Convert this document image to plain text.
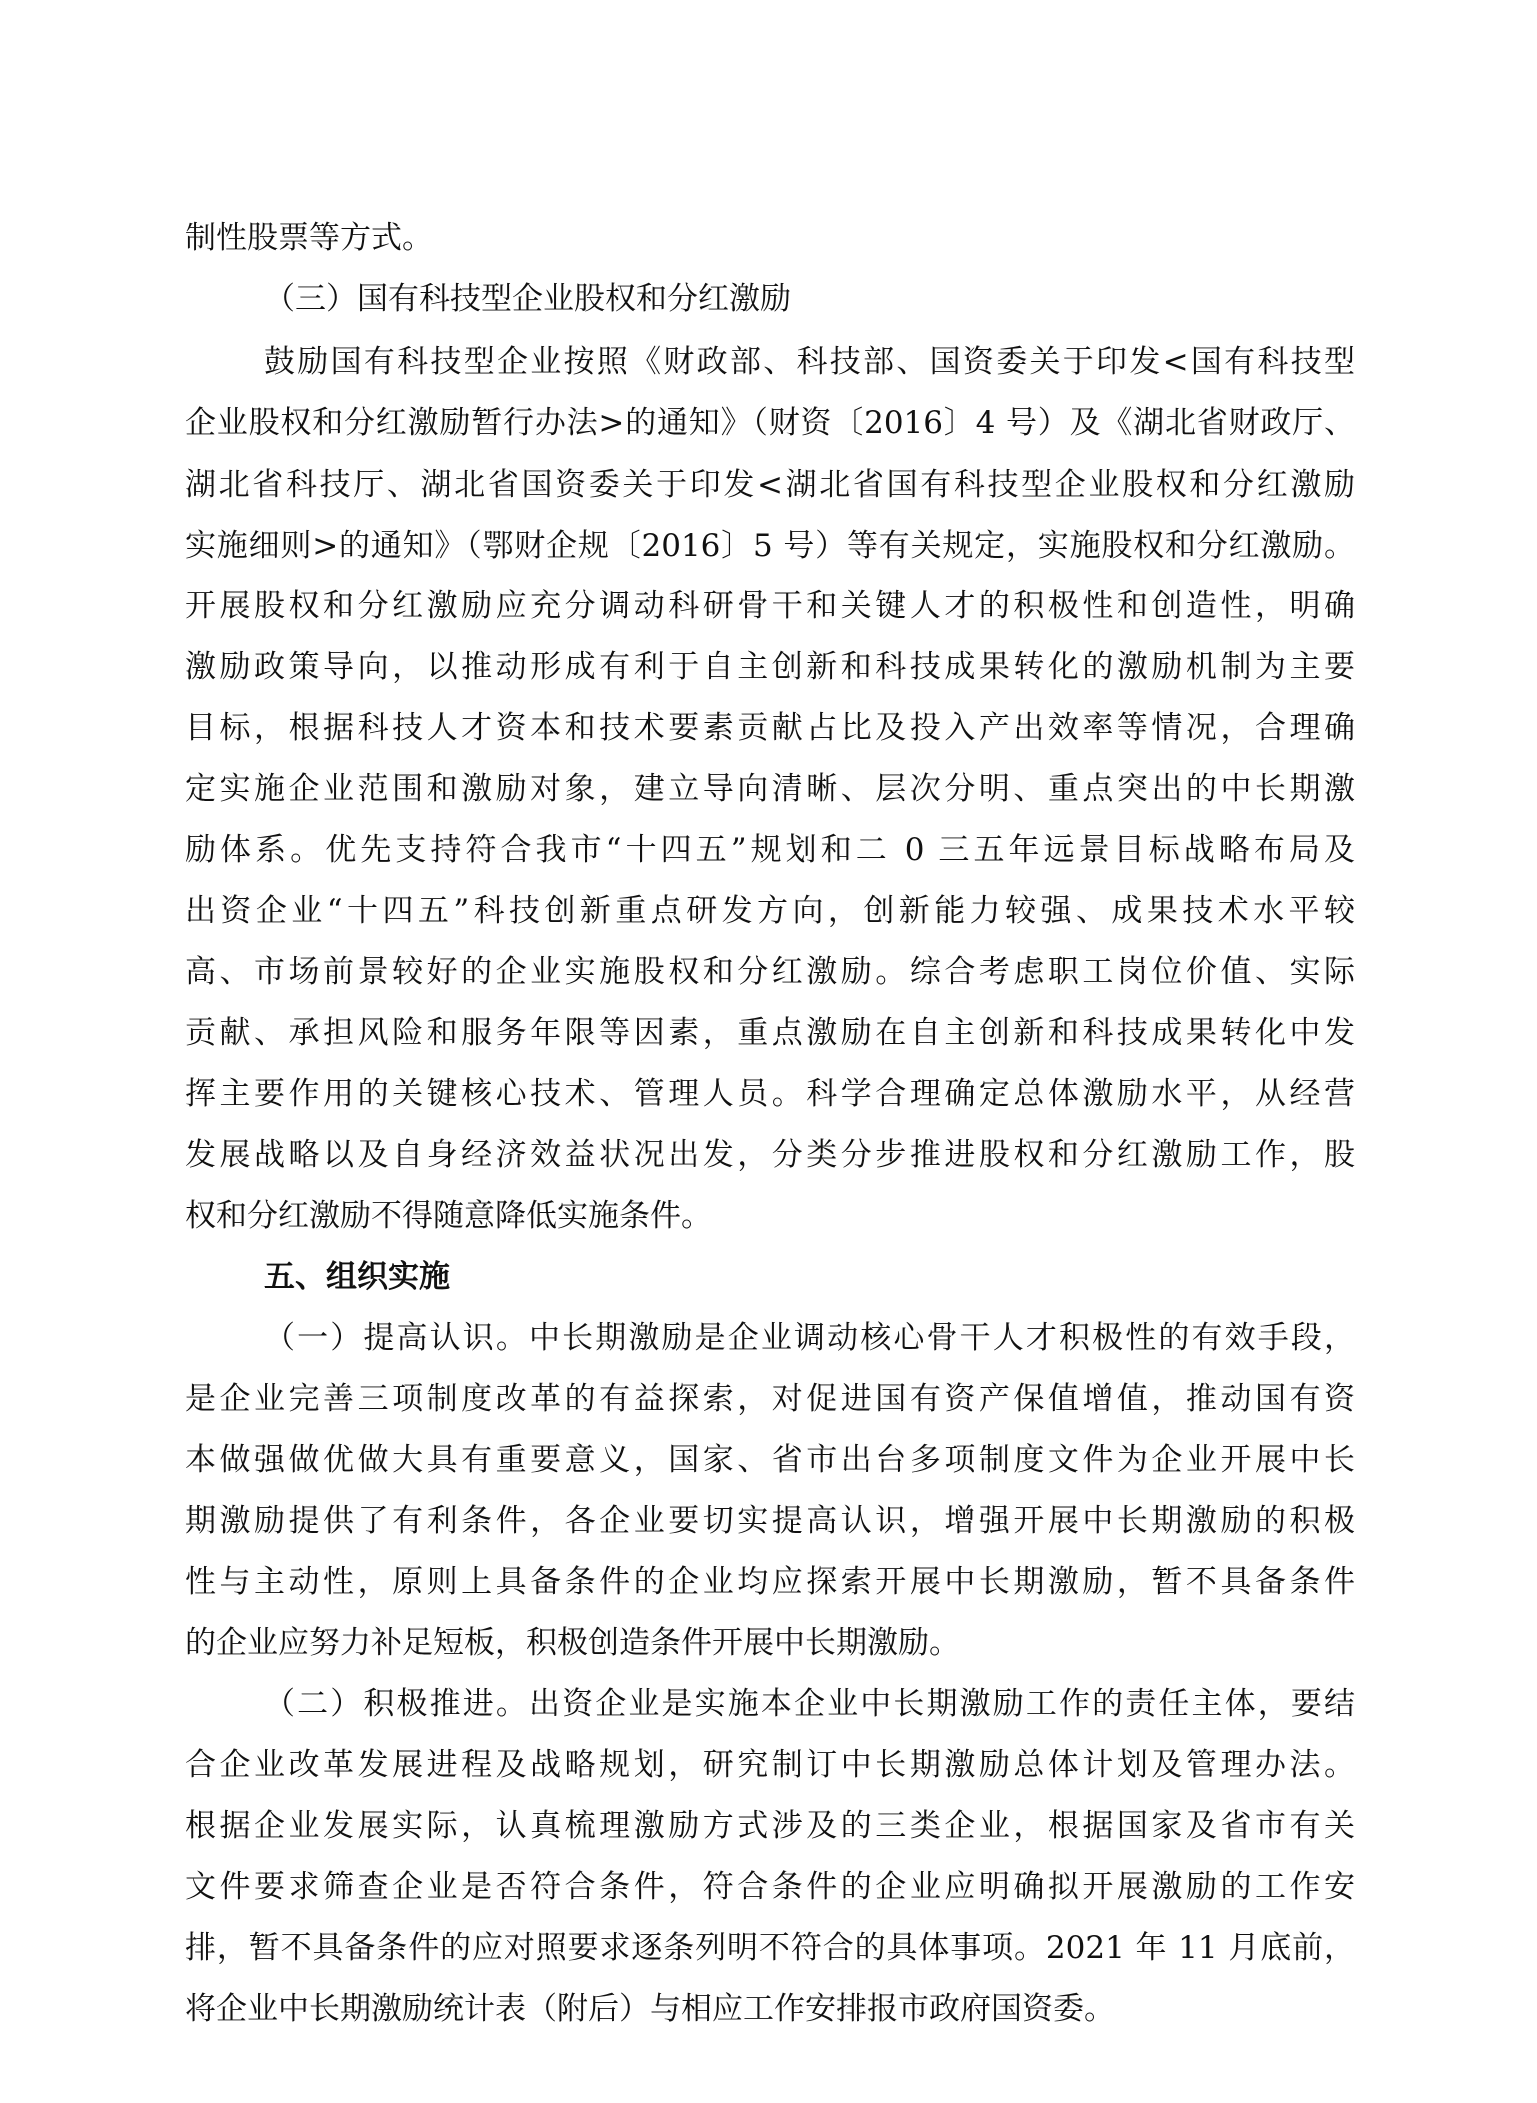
制性股票等方式。
（三）国有科技型企业股权和分红激励
鼓励国有科技型企业按照《财政部、科技部、国资委关于印发<国有科技型
企业股权和分红激励暂行办法>的通知》（财资〔2016〕4 号）及《湖北省财政厅、
湖北省科技厅、湖北省国资委关于印发<湖北省国有科技型企业股权和分红激励
实施细则>的通知》（鄂财企规〔2016〕5 号）等有关规定，实施股权和分红激励。
开展股权和分红激励应充分调动科研骨干和关键人才的积极性和创造性，明确
激励政策导向，以推动形成有利于自主创新和科技成果转化的激励机制为主要
目标，根据科技人才资本和技术要素贡献占比及投入产出效率等情况，合理确
定实施企业范围和激励对象，建立导向清晰、层次分明、重点突出的中长期激
励体系。优先支持符合我市“十四五”规划和二 0 三五年远景目标战略布局及
出资企业“十四五”科技创新重点研发方向，创新能力较强、成果技术水平较
高、市场前景较好的企业实施股权和分红激励。综合考虑职工岗位价值、实际
贡献、承担风险和服务年限等因素，重点激励在自主创新和科技成果转化中发
挥主要作用的关键核心技术、管理人员。科学合理确定总体激励水平，从经营
发展战略以及自身经济效益状况出发，分类分步推进股权和分红激励工作，股
权和分红激励不得随意降低实施条件。
五、组织实施
（一）提高认识。中长期激励是企业调动核心骨干人才积极性的有效手段，
是企业完善三项制度改革的有益探索，对促进国有资产保值增值，推动国有资
本做强做优做大具有重要意义，国家、省市出台多项制度文件为企业开展中长
期激励提供了有利条件，各企业要切实提高认识，增强开展中长期激励的积极
性与主动性，原则上具备条件的企业均应探索开展中长期激励，暂不具备条件
的企业应努力补足短板，积极创造条件开展中长期激励。
（二）积极推进。出资企业是实施本企业中长期激励工作的责任主体，要结
合企业改革发展进程及战略规划，研究制订中长期激励总体计划及管理办法。
根据企业发展实际，认真梳理激励方式涉及的三类企业，根据国家及省市有关
文件要求筛查企业是否符合条件，符合条件的企业应明确拟开展激励的工作安
排，暂不具备条件的应对照要求逐条列明不符合的具体事项。2021 年 11 月底前，
将企业中长期激励统计表（附后）与相应工作安排报市政府国资委。
